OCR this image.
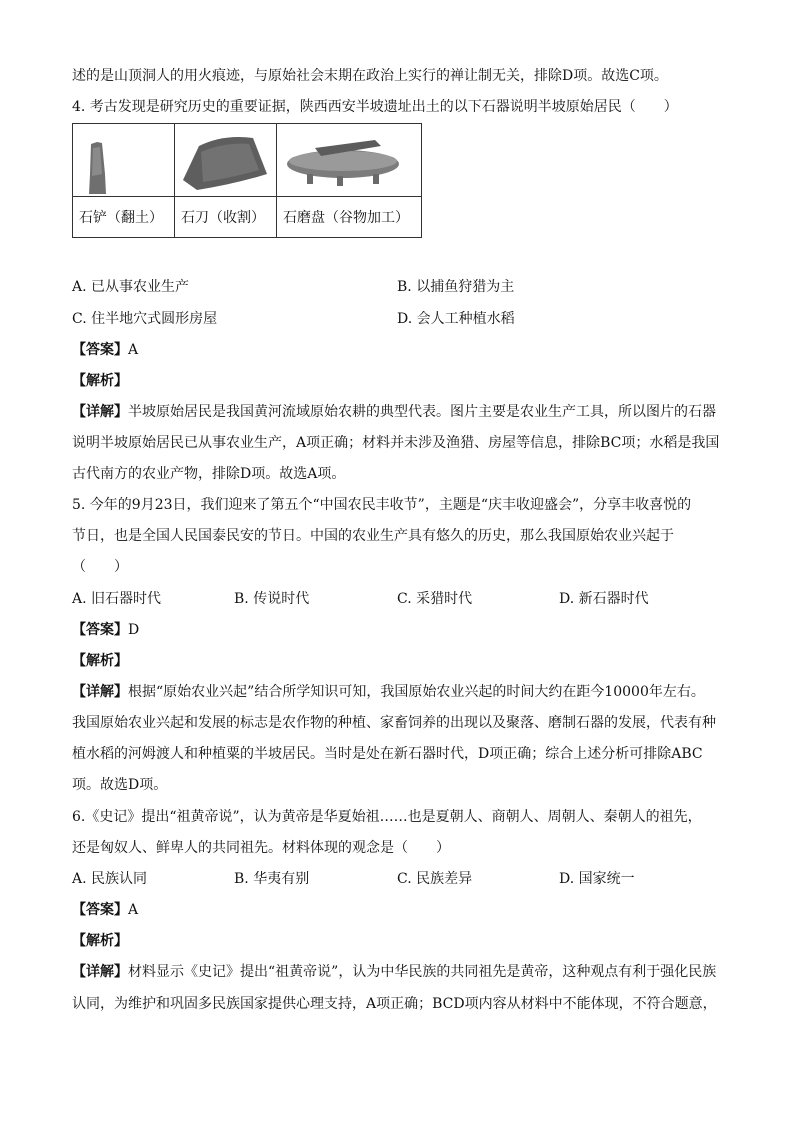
述的是山顶洞人的用火痕迹，与原始社会末期在政治上实行的禅让制无关，排除D项。故选C项。
4. 考古发现是研究历史的重要证据，陕西西安半坡遗址出土的以下石器说明半坡原始居民（　　）

石铲（翻土）	石刀（收割）	石磨盘（谷物加工）
A. 已从事农业生产	B. 以捕鱼狩猎为主
C. 住半地穴式圆形房屋	D. 会人工种植水稻
【答案】A
【解析】
【详解】半坡原始居民是我国黄河流域原始农耕的典型代表。图片主要是农业生产工具，所以图片的石器
说明半坡原始居民已从事农业生产，A项正确；材料并未涉及渔猎、房屋等信息，排除BC项；水稻是我国
古代南方的农业产物，排除D项。故选A项。
5. 今年的9月23日，我们迎来了第五个“中国农民丰收节”，主题是“庆丰收迎盛会”，分享丰收喜悦的
节日，也是全国人民国泰民安的节日。中国的农业生产具有悠久的历史，那么我国原始农业兴起于
（　　）
A. 旧石器时代	B. 传说时代	C. 采猎时代	D. 新石器时代
【答案】D
【解析】
【详解】根据“原始农业兴起”结合所学知识可知，我国原始农业兴起的时间大约在距今10000年左右。
我国原始农业兴起和发展的标志是农作物的种植、家畜饲养的出现以及聚落、磨制石器的发展，代表有种
植水稻的河姆渡人和种植粟的半坡居民。当时是处在新石器时代，D项正确；综合上述分析可排除ABC
项。故选D项。
6.《史记》提出“祖黄帝说”，认为黄帝是华夏始祖……也是夏朝人、商朝人、周朝人、秦朝人的祖先，
还是匈奴人、鲜卑人的共同祖先。材料体现的观念是（　　）
A. 民族认同	B. 华夷有别	C. 民族差异	D. 国家统一
【答案】A
【解析】
【详解】材料显示《史记》提出“祖黄帝说”，认为中华民族的共同祖先是黄帝，这种观点有利于强化民族
认同，为维护和巩固多民族国家提供心理支持，A项正确；BCD项内容从材料中不能体现，不符合题意，
